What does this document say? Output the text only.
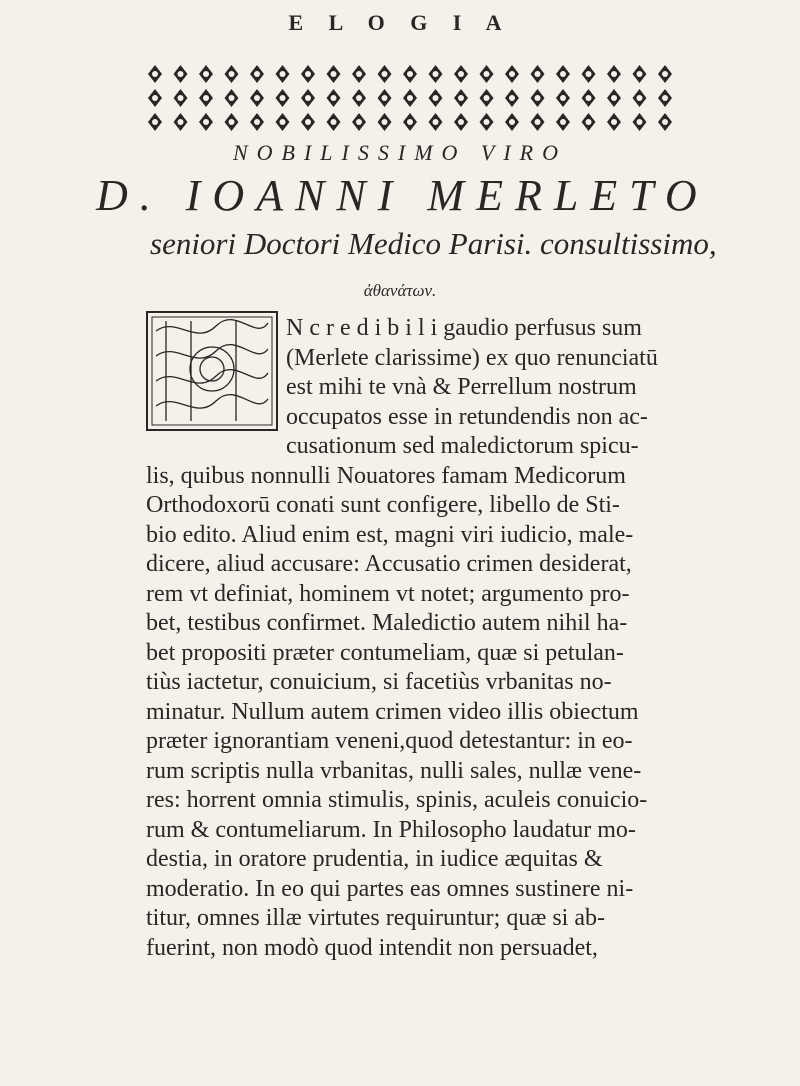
E L O G I A
NOBILISSIMO VIRO
D. IOANNI MERLETO
seniori Doctori Medico Parisi. consultissimo,
ἀθανάτων.
N c r e d i b i l i gaudio perfusus sum
(Merlete clarissime) ex quo renunciatū
est mihi te vnà & Perrellum nostrum
occupatos esse in retundendis non ac-
cusationum sed maledictorum spicu-
lis, quibus nonnulli Nouatores famam Medicorum
Orthodoxorū conati sunt configere, libello de Sti-
bio edito. Aliud enim est, magni viri iudicio, male-
dicere, aliud accusare: Accusatio crimen desiderat,
rem vt definiat, hominem vt notet; argumento pro-
bet, testibus confirmet. Maledictio autem nihil ha-
bet propositi præter contumeliam, quæ si petulan-
tiùs iactetur, conuicium, si facetiùs vrbanitas no-
minatur. Nullum autem crimen video illis obiectum
præter ignorantiam veneni,quod detestantur: in eo-
rum scriptis nulla vrbanitas, nulli sales, nullæ vene-
res: horrent omnia stimulis, spinis, aculeis conuicio-
rum & contumeliarum. In Philosopho laudatur mo-
destia, in oratore prudentia, in iudice æquitas &
moderatio. In eo qui partes eas omnes sustinere ni-
titur, omnes illæ virtutes requiruntur; quæ si ab-
fuerint, non modò quod intendit non persuadet,
